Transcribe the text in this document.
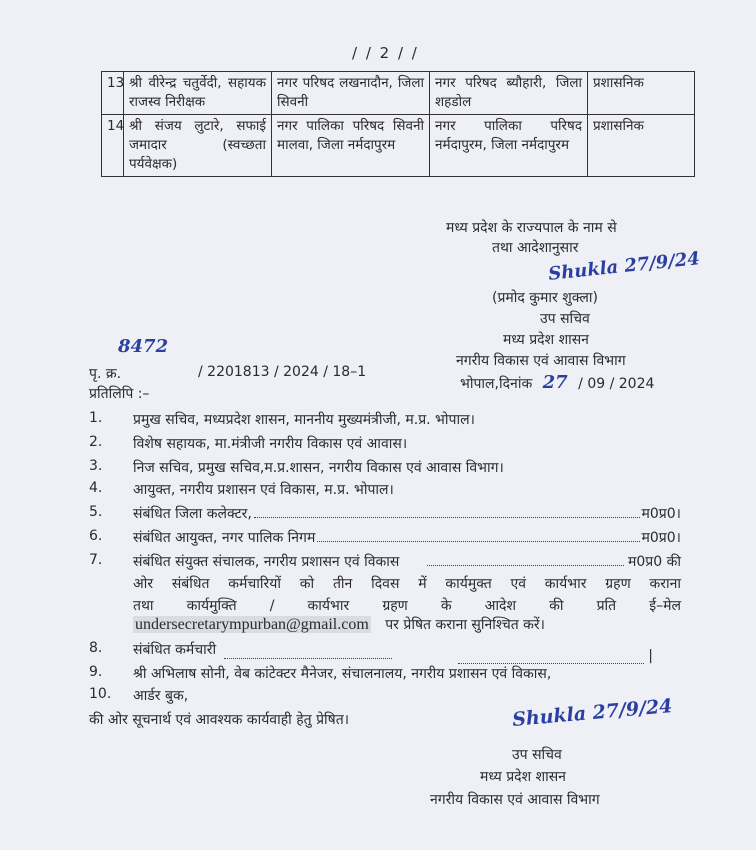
/ / 2 / /
13	श्री वीरेन्द्र चतुर्वेदी, सहायक राजस्व निरीक्षक	नगर परिषद लखनादौन, जिला सिवनी	नगर परिषद ब्यौहारी, जिला शहडोल	प्रशासनिक
14	श्री संजय लुटारे, सफाई जमादार (स्वच्छता पर्यवेक्षक)	नगर पालिका परिषद सिवनी मालवा, जिला नर्मदापुरम	नगर पालिका परिषद नर्मदापुरम, जिला नर्मदापुरम	प्रशासनिक
मध्य प्रदेश के राज्यपाल के नाम से
तथा आदेशानुसार
Shukla 27/9/24
(प्रमोद कुमार शुक्ला)
उप सचिव
मध्य प्रदेश शासन
नगरीय विकास एवं आवास विभाग
8472
पृ. क्र.	/ 2201813 / 2024 / 18–1
भोपाल,दिनांक 27 / 09 / 2024
प्रतिलिपि :–
1. प्रमुख सचिव, मध्यप्रदेश शासन, माननीय मुख्यमंत्रीजी, म.प्र. भोपाल।
2. विशेष सहायक, मा.मंत्रीजी नगरीय विकास एवं आवास।
3. निज सचिव, प्रमुख सचिव,म.प्र.शासन, नगरीय विकास एवं आवास विभाग।
4. आयुक्त, नगरीय प्रशासन एवं विकास, म.प्र. भोपाल।
5. संबंधित जिला कलेक्टर,	म0प्र0।
6. संबंधित आयुक्त, नगर पालिक निगम	म0प्र0।
7. संबंधित संयुक्त संचालक, नगरीय प्रशासन एवं विकास	म0प्र0 की
ओर संबंधित कर्मचारियों को तीन दिवस में कार्यमुक्त एवं कार्यभार ग्रहण कराना
तथा कार्यमुक्ति / कार्यभार ग्रहण के आदेश की प्रति ई–मेल
undersecretarympurban@gmail.com पर प्रेषित कराना सुनिश्चित करें।
8. संबंधित कर्मचारी	|
9. श्री अभिलाष सोनी, वेब कांटेक्टर मैनेजर, संचालनालय, नगरीय प्रशासन एवं विकास,
10. आर्डर बुक,
की ओर सूचनार्थ एवं आवश्यक कार्यवाही हेतु प्रेषित।	Shukla 27/9/24
उप सचिव
मध्य प्रदेश शासन
नगरीय विकास एवं आवास विभाग
